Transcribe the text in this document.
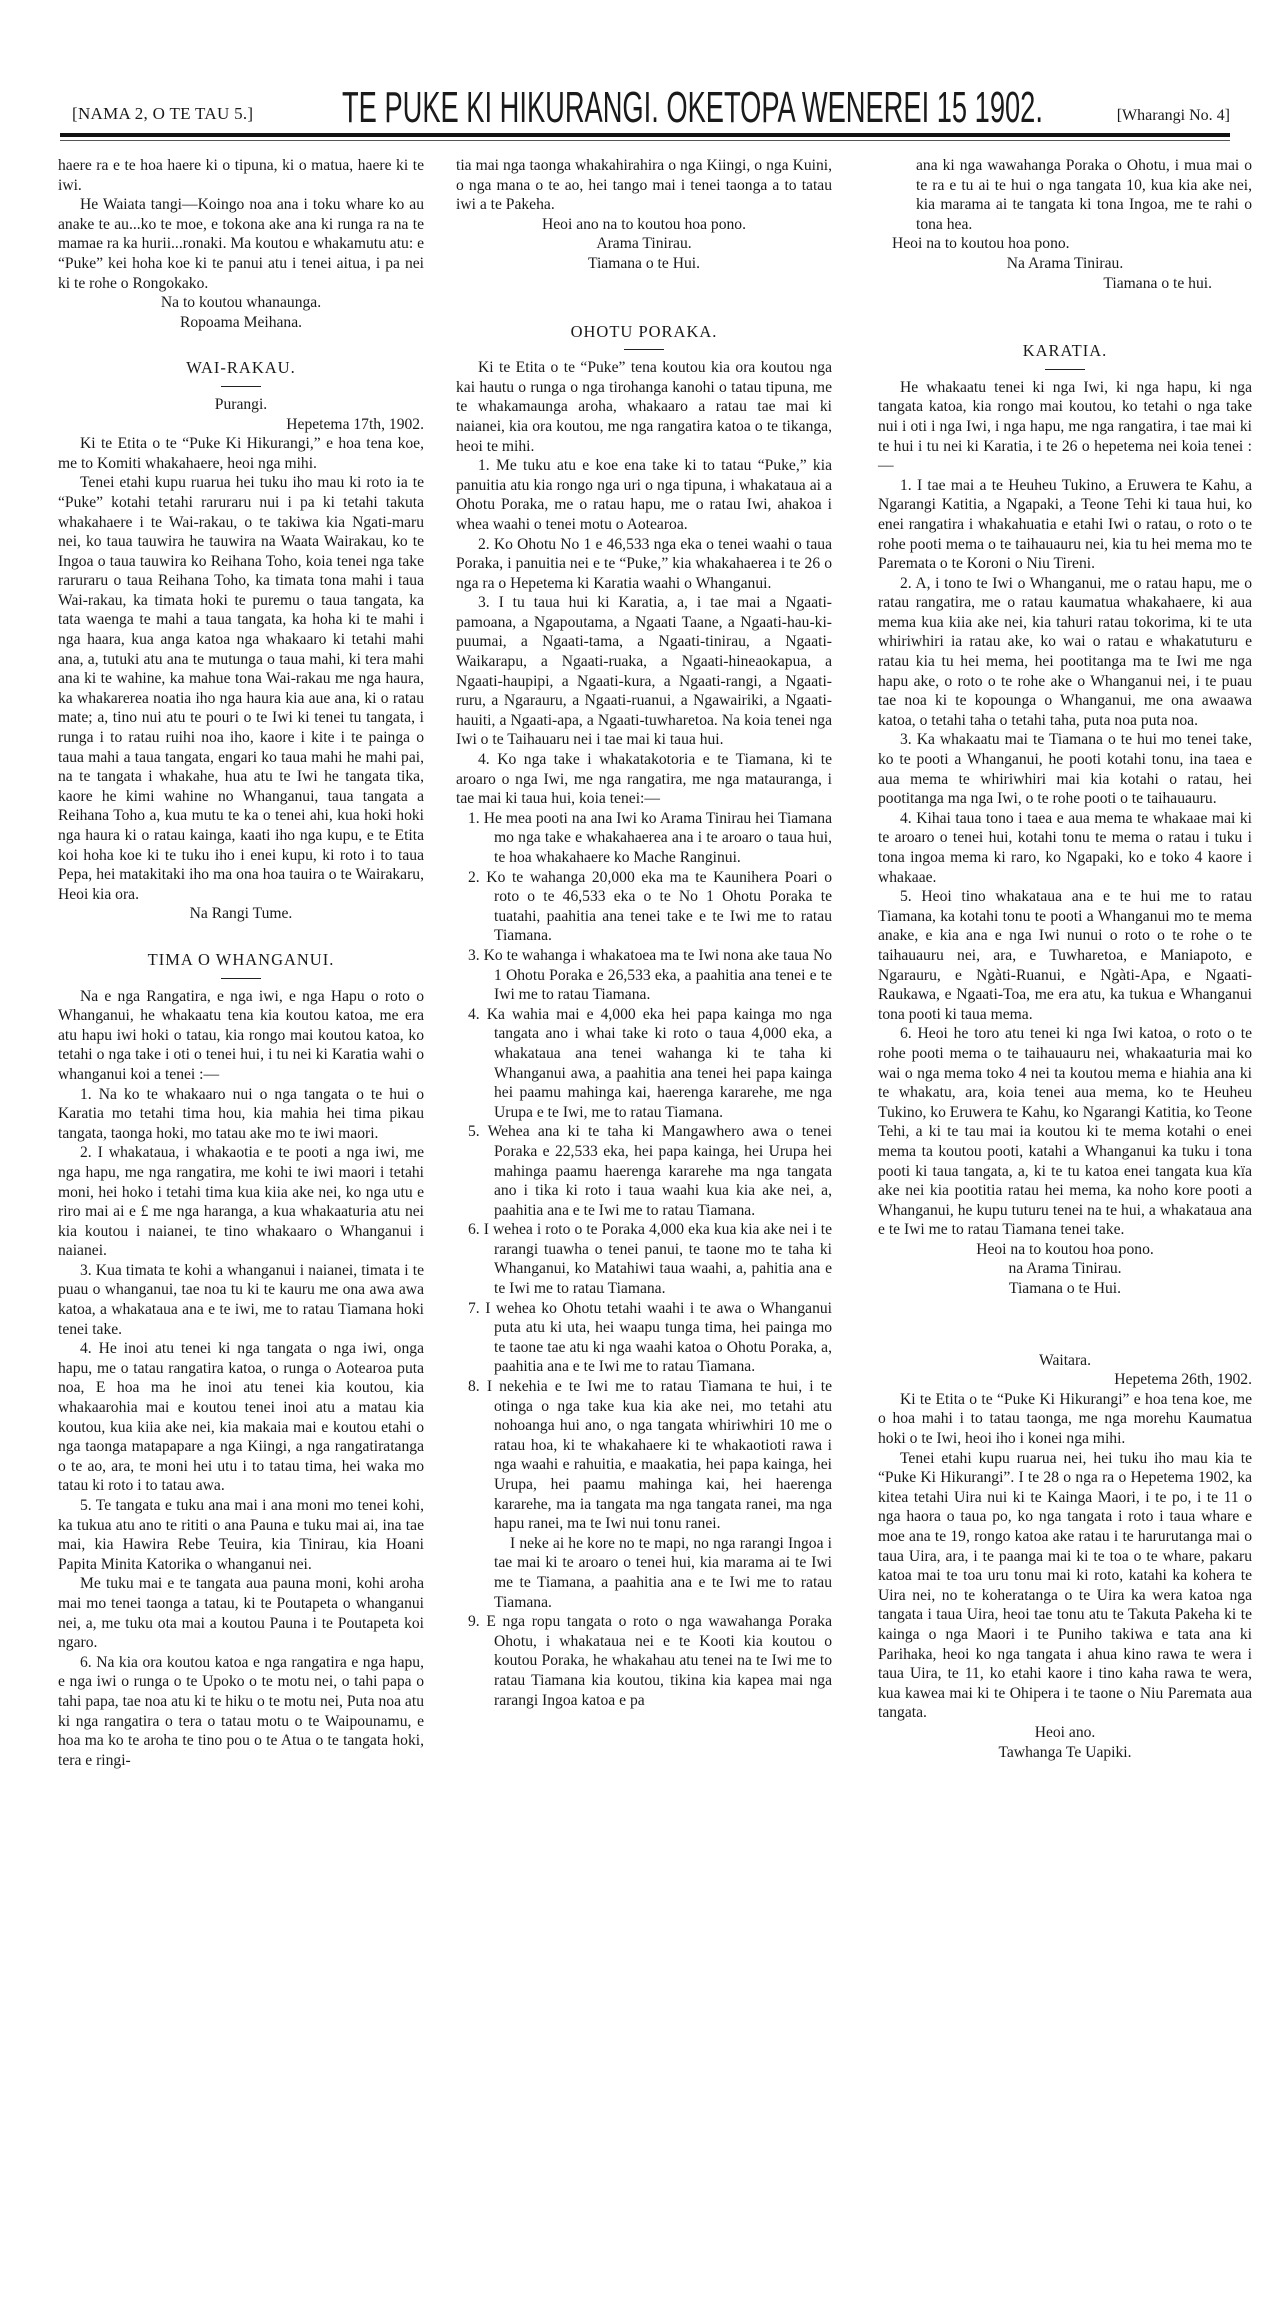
[NAMA 2, O TE TAU 5.] TE PUKE KI HIKURANGI. OKETOPA WENEREI 15 1902.	[Wharangi No. 4]

haere ra e te hoa haere ki o tipuna, ki o matua, haere ki te iwi.

He Waiata tangi—Koingo noa ana i toku whare ko au anake te au...ko te moe, e tokona ake ana ki runga ra na te mamae ra ka hurii...ronaki. Ma koutou e whakamutu atu: e “Puke” kei hoha koe ki te panui atu i tenei aitua, i pa nei ki te rohe o Rongokako.

Na to koutou whanaunga.

Ropoama Meihana.

WAI-RAKAU.

Purangi.

Hepetema 17th, 1902.

Ki te Etita o te “Puke Ki Hikurangi,” e hoa tena koe, me to Komiti whakahaere, heoi nga mihi.

Tenei etahi kupu ruarua hei tuku iho mau ki roto ia te “Puke” kotahi tetahi raruraru nui i pa ki tetahi takuta whakahaere i te Wai-rakau, o te takiwa kia Ngati-maru nei, ko taua tauwira he tauwira na Waata Wairakau, ko te Ingoa o taua tauwira ko Reihana Toho, koia tenei nga take raruraru o taua Reihana Toho, ka timata tona mahi i taua Wai-rakau, ka timata hoki te puremu o taua tangata, ka tata waenga te mahi a taua tangata, ka hoha ki te mahi i nga haara, kua anga katoa nga whakaaro ki tetahi mahi ana, a, tutuki atu ana te mutunga o taua mahi, ki tera mahi ana ki te wahine, ka mahue tona Wai-rakau me nga haura, ka whakarerea noatia iho nga haura kia aue ana, ki o ratau mate; a, tino nui atu te pouri o te Iwi ki tenei tu tangata, i runga i to ratau ruihi noa iho, kaore i kite i te painga o taua mahi a taua tangata, engari ko taua mahi he mahi pai, na te tangata i whakahe, hua atu te Iwi he tangata tika, kaore he kimi wahine no Whanganui, taua tangata a Reihana Toho a, kua mutu te ka o tenei ahi, kua hoki hoki nga haura ki o ratau kainga, kaati iho nga kupu, e te Etita koi hoha koe ki te tuku iho i enei kupu, ki roto i to taua Pepa, hei matakitaki iho ma ona hoa tauira o te Wairakaru, Heoi kia ora.

Na Rangi Tume.

TIMA O WHANGANUI.

Na e nga Rangatira, e nga iwi, e nga Hapu o roto o Whanganui, he whakaatu tena kia koutou katoa, me era atu hapu iwi hoki o tatau, kia rongo mai koutou katoa, ko tetahi o nga take i oti o tenei hui, i tu nei ki Karatia wahi o whanganui koi a tenei :—

1. Na ko te whakaaro nui o nga tangata o te hui o Karatia mo tetahi tima hou, kia mahia hei tima pikau tangata, taonga hoki, mo tatau ake mo te iwi maori.

2. I whakataua, i whakaotia e te pooti a nga iwi, me nga hapu, me nga rangatira, me kohi te iwi maori i tetahi moni, hei hoko i tetahi tima kua kiia ake nei, ko nga utu e riro mai ai e £ me nga haranga, a kua whakaaturia atu nei kia koutou i naianei, te tino whakaaro o Whanganui i naianei.

3. Kua timata te kohi a whanganui i naianei, timata i te puau o whanganui, tae noa tu ki te kauru me ona awa awa katoa, a whakataua ana e te iwi, me to ratau Tiamana hoki tenei take.

4. He inoi atu tenei ki nga tangata o nga iwi, onga hapu, me o tatau rangatira katoa, o runga o Aotearoa puta noa, E hoa ma he inoi atu tenei kia koutou, kia whakaarohia mai e koutou tenei inoi atu a matau kia koutou, kua kiia ake nei, kia makaia mai e koutou etahi o nga taonga matapapare a nga Kiingi, a nga rangatiratanga o te ao, ara, te moni hei utu i to tatau tima, hei waka mo tatau ki roto i to tatau awa.

5. Te tangata e tuku ana mai i ana moni mo tenei kohi, ka tukua atu ano te rititi o ana Pauna e tuku mai ai, ina tae mai, kia Hawira Rebe Teuira, kia Tinirau, kia Hoani Papita Minita Katorika o whanganui nei.

Me tuku mai e te tangata aua pauna moni, kohi aroha mai mo tenei taonga a tatau, ki te Poutapeta o whanganui nei, a, me tuku ota mai a koutou Pauna i te Poutapeta koi ngaro.

6. Na kia ora koutou katoa e nga rangatira e nga hapu, e nga iwi o runga o te Upoko o te motu nei, o tahi papa o tahi papa, tae noa atu ki te hiku o te motu nei, Puta noa atu ki nga rangatira o tera o tatau motu o te Waipounamu, e hoa ma ko te aroha te tino pou o te Atua o te tangata hoki, tera e ringi-

tia mai nga taonga whakahirahira o nga Kiingi, o nga Kuini, o nga mana o te ao, hei tango mai i tenei taonga a to tatau iwi a te Pakeha.

Heoi ano na to koutou hoa pono.

Arama Tinirau.

Tiamana o te Hui.

OHOTU PORAKA.

Ki te Etita o te “Puke” tena koutou kia ora koutou nga kai hautu o runga o nga tirohanga kanohi o tatau tipuna, me te whakamaunga aroha, whakaaro a ratau tae mai ki naianei, kia ora koutou, me nga rangatira katoa o te tikanga, heoi te mihi.

1. Me tuku atu e koe ena take ki to tatau “Puke,” kia panuitia atu kia rongo nga uri o nga tipuna, i whakataua ai a Ohotu Poraka, me o ratau hapu, me o ratau Iwi, ahakoa i whea waahi o tenei motu o Aotearoa.

2. Ko Ohotu No 1 e 46,533 nga eka o tenei waahi o taua Poraka, i panuitia nei e te “Puke,” kia whakahaerea i te 26 o nga ra o Hepetema ki Karatia waahi o Whanganui.

3. I tu taua hui ki Karatia, a, i tae mai a Ngaati-pamoana, a Ngapoutama, a Ngaati Taane, a Ngaati-hau-ki-puumai, a Ngaati-tama, a Ngaati-tinirau, a Ngaati-Waikarapu, a Ngaati-ruaka, a Ngaati-hineaokapua, a Ngaati-haupipi, a Ngaati-kura, a Ngaati-rangi, a Ngaati-ruru, a Ngarauru, a Ngaati-ruanui, a Ngawairiki, a Ngaati-hauiti, a Ngaati-apa, a Ngaati-tuwharetoa. Na koia tenei nga Iwi o te Taihauaru nei i tae mai ki taua hui.

4. Ko nga take i whakatakotoria e te Tiamana, ki te aroaro o nga Iwi, me nga rangatira, me nga matauranga, i tae mai ki taua hui, koia tenei:—

1. He mea pooti na ana Iwi ko Arama Tinirau hei Tiamana mo nga take e whakahaerea ana i te aroaro o taua hui, te hoa whakahaere ko Mache Ranginui.

2. Ko te wahanga 20,000 eka ma te Kaunihera Poari o roto o te 46,533 eka o te No 1 Ohotu Poraka te tuatahi, paahitia ana tenei take e te Iwi me to ratau Tiamana.

3. Ko te wahanga i whakatoea ma te Iwi nona ake taua No 1 Ohotu Poraka e 26,533 eka, a paahitia ana tenei e te Iwi me to ratau Tiamana.

4. Ka wahia mai e 4,000 eka hei papa kainga mo nga tangata ano i whai take ki roto o taua 4,000 eka, a whakataua ana tenei wahanga ki te taha ki Whanganui awa, a paahitia ana tenei hei papa kainga hei paamu mahinga kai, haerenga kararehe, me nga Urupa e te Iwi, me to ratau Tiamana.

5. Wehea ana ki te taha ki Mangawhero awa o tenei Poraka e 22,533 eka, hei papa kainga, hei Urupa hei mahinga paamu haerenga kararehe ma nga tangata ano i tika ki roto i taua waahi kua kia ake nei, a, paahitia ana e te Iwi me to ratau Tiamana.

6. I wehea i roto o te Poraka 4,000 eka kua kia ake nei i te rarangi tuawha o tenei panui, te taone mo te taha ki Whanganui, ko Matahiwi taua waahi, a, pahitia ana e te Iwi me to ratau Tiamana.

7. I wehea ko Ohotu tetahi waahi i te awa o Whanganui puta atu ki uta, hei waapu tunga tima, hei painga mo te taone tae atu ki nga waahi katoa o Ohotu Poraka, a, paahitia ana e te Iwi me to ratau Tiamana.

8. I nekehia e te Iwi me to ratau Tiamana te hui, i te otinga o nga take kua kia ake nei, mo tetahi atu nohoanga hui ano, o nga tangata whiriwhiri 10 me o ratau hoa, ki te whakahaere ki te whakaotioti rawa i nga waahi e rahuitia, e maakatia, hei papa kainga, hei Urupa, hei paamu mahinga kai, hei haerenga kararehe, ma ia tangata ma nga tangata ranei, ma nga hapu ranei, ma te Iwi nui tonu ranei.

I neke ai he kore no te mapi, no nga rarangi Ingoa i tae mai ki te aroaro o tenei hui, kia marama ai te Iwi me te Tiamana, a paahitia ana e te Iwi me to ratau Tiamana.

9. E nga ropu tangata o roto o nga wawahanga Poraka Ohotu, i whakataua nei e te Kooti kia koutou o koutou Poraka, he whakahau atu tenei na te Iwi me to ratau Tiamana kia koutou, tikina kia kapea mai nga rarangi Ingoa katoa e pa

ana ki nga wawahanga Poraka o Ohotu, i mua mai o te ra e tu ai te hui o nga tangata 10, kua kia ake nei, kia marama ai te tangata ki tona Ingoa, me te rahi o tona hea.

Heoi na to koutou hoa pono.

Na Arama Tinirau.

Tiamana o te hui.

KARATIA.

He whakaatu tenei ki nga Iwi, ki nga hapu, ki nga tangata katoa, kia rongo mai koutou, ko tetahi o nga take nui i oti i nga Iwi, i nga hapu, me nga rangatira, i tae mai ki te hui i tu nei ki Karatia, i te 26 o hepetema nei koia tenei :—

1. I tae mai a te Heuheu Tukino, a Eruwera te Kahu, a Ngarangi Katitia, a Ngapaki, a Teone Tehi ki taua hui, ko enei rangatira i whakahuatia e etahi Iwi o ratau, o roto o te rohe pooti mema o te taihauauru nei, kia tu hei mema mo te Paremata o te Koroni o Niu Tireni.

2. A, i tono te Iwi o Whanganui, me o ratau hapu, me o ratau rangatira, me o ratau kaumatua whakahaere, ki aua mema kua kiia ake nei, kia tahuri ratau tokorima, ki te uta whiriwhiri ia ratau ake, ko wai o ratau e whakatuturu e ratau kia tu hei mema, hei pootitanga ma te Iwi me nga hapu ake, o roto o te rohe ake o Whanganui nei, i te puau tae noa ki te kopounga o Whanganui, me ona awaawa katoa, o tetahi taha o tetahi taha, puta noa puta noa.

3. Ka whakaatu mai te Tiamana o te hui mo tenei take, ko te pooti a Whanganui, he pooti kotahi tonu, ina taea e aua mema te whiriwhiri mai kia kotahi o ratau, hei pootitanga ma nga Iwi, o te rohe pooti o te taihauauru.

4. Kihai taua tono i taea e aua mema te whakaae mai ki te aroaro o tenei hui, kotahi tonu te mema o ratau i tuku i tona ingoa mema ki raro, ko Ngapaki, ko e toko 4 kaore i whakaae.

5. Heoi tino whakataua ana e te hui me to ratau Tiamana, ka kotahi tonu te pooti a Whanganui mo te mema anake, e kia ana e nga Iwi nunui o roto o te rohe o te taihauauru nei, ara, e Tuwharetoa, e Maniapoto, e Ngarauru, e Ngàti-Ruanui, e Ngàti-Apa, e Ngaati-Raukawa, e Ngaati-Toa, me era atu, ka tukua e Whanganui tona pooti ki taua mema.

6. Heoi he toro atu tenei ki nga Iwi katoa, o roto o te rohe pooti mema o te taihauauru nei, whakaaturia mai ko wai o nga mema toko 4 nei ta koutou mema e hiahia ana ki te whakatu, ara, koia tenei aua mema, ko te Heuheu Tukino, ko Eruwera te Kahu, ko Ngarangi Katitia, ko Teone Tehi, a ki te tau mai ia koutou ki te mema kotahi o enei mema ta koutou pooti, katahi a Whanganui ka tuku i tona pooti ki taua tangata, a, ki te tu katoa enei tangata kua kïa ake nei kia pootitia ratau hei mema, ka noho kore pooti a Whanganui, he kupu tuturu tenei na te hui, a whakataua ana e te Iwi me to ratau Tiamana tenei take.

Heoi na to koutou hoa pono.

na Arama Tinirau.

Tiamana o te Hui.

Waitara.

Hepetema 26th, 1902.

Ki te Etita o te “Puke Ki Hikurangi” e hoa tena koe, me o hoa mahi i to tatau taonga, me nga morehu Kaumatua hoki o te Iwi, heoi iho i konei nga mihi.

Tenei etahi kupu ruarua nei, hei tuku iho mau kia te “Puke Ki Hikurangi”. I te 28 o nga ra o Hepetema 1902, ka kitea tetahi Uira nui ki te Kainga Maori, i te po, i te 11 o nga haora o taua po, ko nga tangata i roto i taua whare e moe ana te 19, rongo katoa ake ratau i te harurutanga mai o taua Uira, ara, i te paanga mai ki te toa o te whare, pakaru katoa mai te toa uru tonu mai ki roto, katahi ka kohera te Uira nei, no te koheratanga o te Uira ka wera katoa nga tangata i taua Uira, heoi tae tonu atu te Takuta Pakeha ki te kainga o nga Maori i te Puniho takiwa e tata ana ki Parihaka, heoi ko nga tangata i ahua kino rawa te wera i taua Uira, te 11, ko etahi kaore i tino kaha rawa te wera, kua kawea mai ki te Ohipera i te taone o Niu Paremata aua tangata.

Heoi ano.

Tawhanga Te Uapiki.
